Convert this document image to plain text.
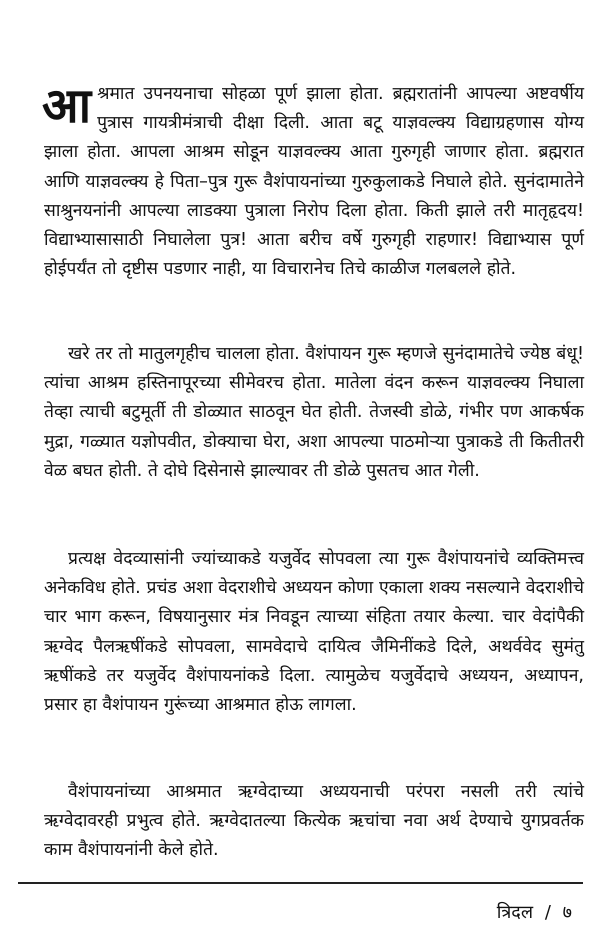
आश्रमात उपनयनाचा सोहळा पूर्ण झाला होता. ब्रह्मरातांनी आपल्या अष्टवर्षीय पुत्रास गायत्रीमंत्राची दीक्षा दिली. आता बटू याज्ञवल्क्य विद्याग्रहणास योग्य झाला होता. आपला आश्रम सोडून याज्ञवल्क्य आता गुरुगृही जाणार होता. ब्रह्मरात आणि याज्ञवल्क्य हे पिता–पुत्र गुरू वैशंपायनांच्या गुरुकुलाकडे निघाले होते. सुनंदामातेने साश्रुनयनांनी आपल्या लाडक्या पुत्राला निरोप दिला होता. किती झाले तरी मातृहृदय! विद्याभ्यासासाठी निघालेला पुत्र! आता बरीच वर्षे गुरुगृही राहणार! विद्याभ्यास पूर्ण होईपर्यंत तो दृष्टीस पडणार नाही, या विचारानेच तिचे काळीज गलबलले होते.

खरे तर तो मातुलगृहीच चालला होता. वैशंपायन गुरू म्हणजे सुनंदामातेचे ज्येष्ठ बंधू! त्यांचा आश्रम हस्तिनापूरच्या सीमेवरच होता. मातेला वंदन करून याज्ञवल्क्य निघाला तेव्हा त्याची बटुमूर्ती ती डोळ्यात साठवून घेत होती. तेजस्वी डोळे, गंभीर पण आकर्षक मुद्रा, गळ्यात यज्ञोपवीत, डोक्याचा घेरा, अशा आपल्या पाठमोऱ्या पुत्राकडे ती कितीतरी वेळ बघत होती. ते दोघे दिसेनासे झाल्यावर ती डोळे पुसतच आत गेली.

प्रत्यक्ष वेदव्यासांनी ज्यांच्याकडे यजुर्वेद सोपवला त्या गुरू वैशंपायनांचे व्यक्तिमत्त्व अनेकविध होते. प्रचंड अशा वेदराशीचे अध्ययन कोणा एकाला शक्य नसल्याने वेदराशीचे चार भाग करून, विषयानुसार मंत्र निवडून त्याच्या संहिता तयार केल्या. चार वेदांपैकी ऋग्वेद पैलऋषींकडे सोपवला, सामवेदाचे दायित्व जैमिनींकडे दिले, अथर्ववेद सुमंतु ऋषींकडे तर यजुर्वेद वैशंपायनांकडे दिला. त्यामुळेच यजुर्वेदाचे अध्ययन, अध्यापन, प्रसार हा वैशंपायन गुरूंच्या आश्रमात होऊ लागला.

वैशंपायनांच्या आश्रमात ऋग्वेदाच्या अध्ययनाची परंपरा नसली तरी त्यांचे ऋग्वेदावरही प्रभुत्व होते. ऋग्वेदातल्या कित्येक ऋचांचा नवा अर्थ देण्याचे युगप्रवर्तक काम वैशंपायनांनी केले होते.

त्रिदल / ७
